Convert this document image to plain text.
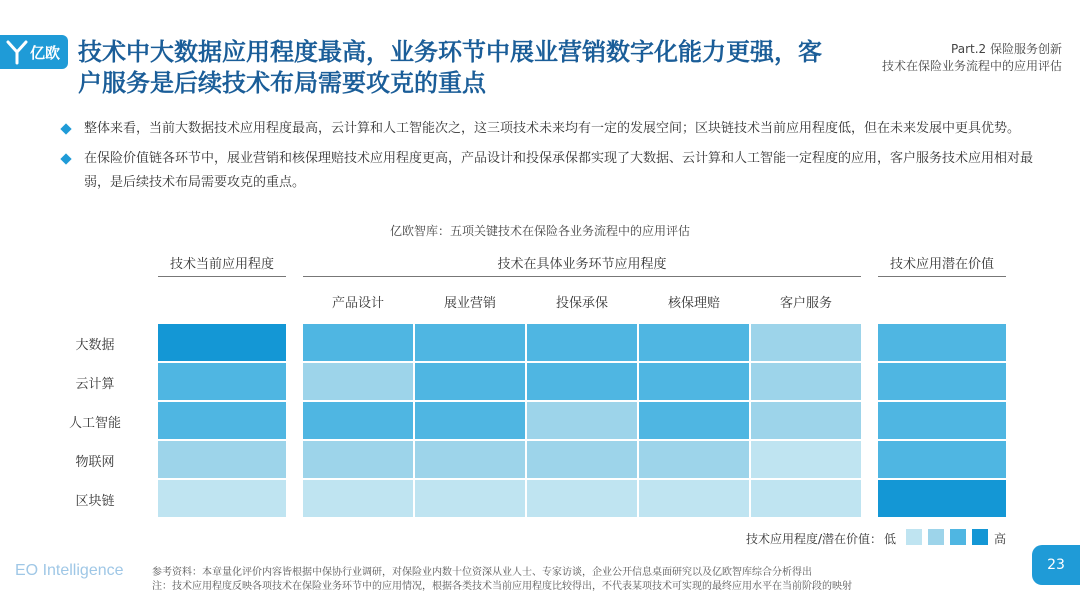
亿欧 技术中大数据应用程度最高，业务环节中展业营销数字化能力更强，客户服务是后续技术布局需要攻克的重点
Part.2 保险服务创新
技术在保险业务流程中的应用评估
整体来看，当前大数据技术应用程度最高，云计算和人工智能次之，这三项技术未来均有一定的发展空间；区块链技术当前应用程度低，但在未来发展中更具优势。
在保险价值链各环节中，展业营销和核保理赔技术应用程度更高，产品设计和投保承保都实现了大数据、云计算和人工智能一定程度的应用，客户服务技术应用相对最弱，是后续技术布局需要攻克的重点。
亿欧智库：五项关键技术在保险各业务流程中的应用评估
技术当前应用程度	技术在具体业务环节应用程度	技术应用潜在价值
产品设计	展业营销	投保承保	核保理赔	客户服务
大数据
云计算
人工智能
物联网
区块链
技术应用程度/潜在价值： 低	高
EO Intelligence	参考资料：本章量化评价内容皆根据中保协行业调研，对保险业内数十位资深从业人士、专家访谈，企业公开信息桌面研究以及亿欧智库综合分析得出
注：技术应用程度反映各项技术在保险业务环节中的应用情况，根据各类技术当前应用程度比较得出，不代表某项技术可实现的最终应用水平在当前阶段的映射
23
